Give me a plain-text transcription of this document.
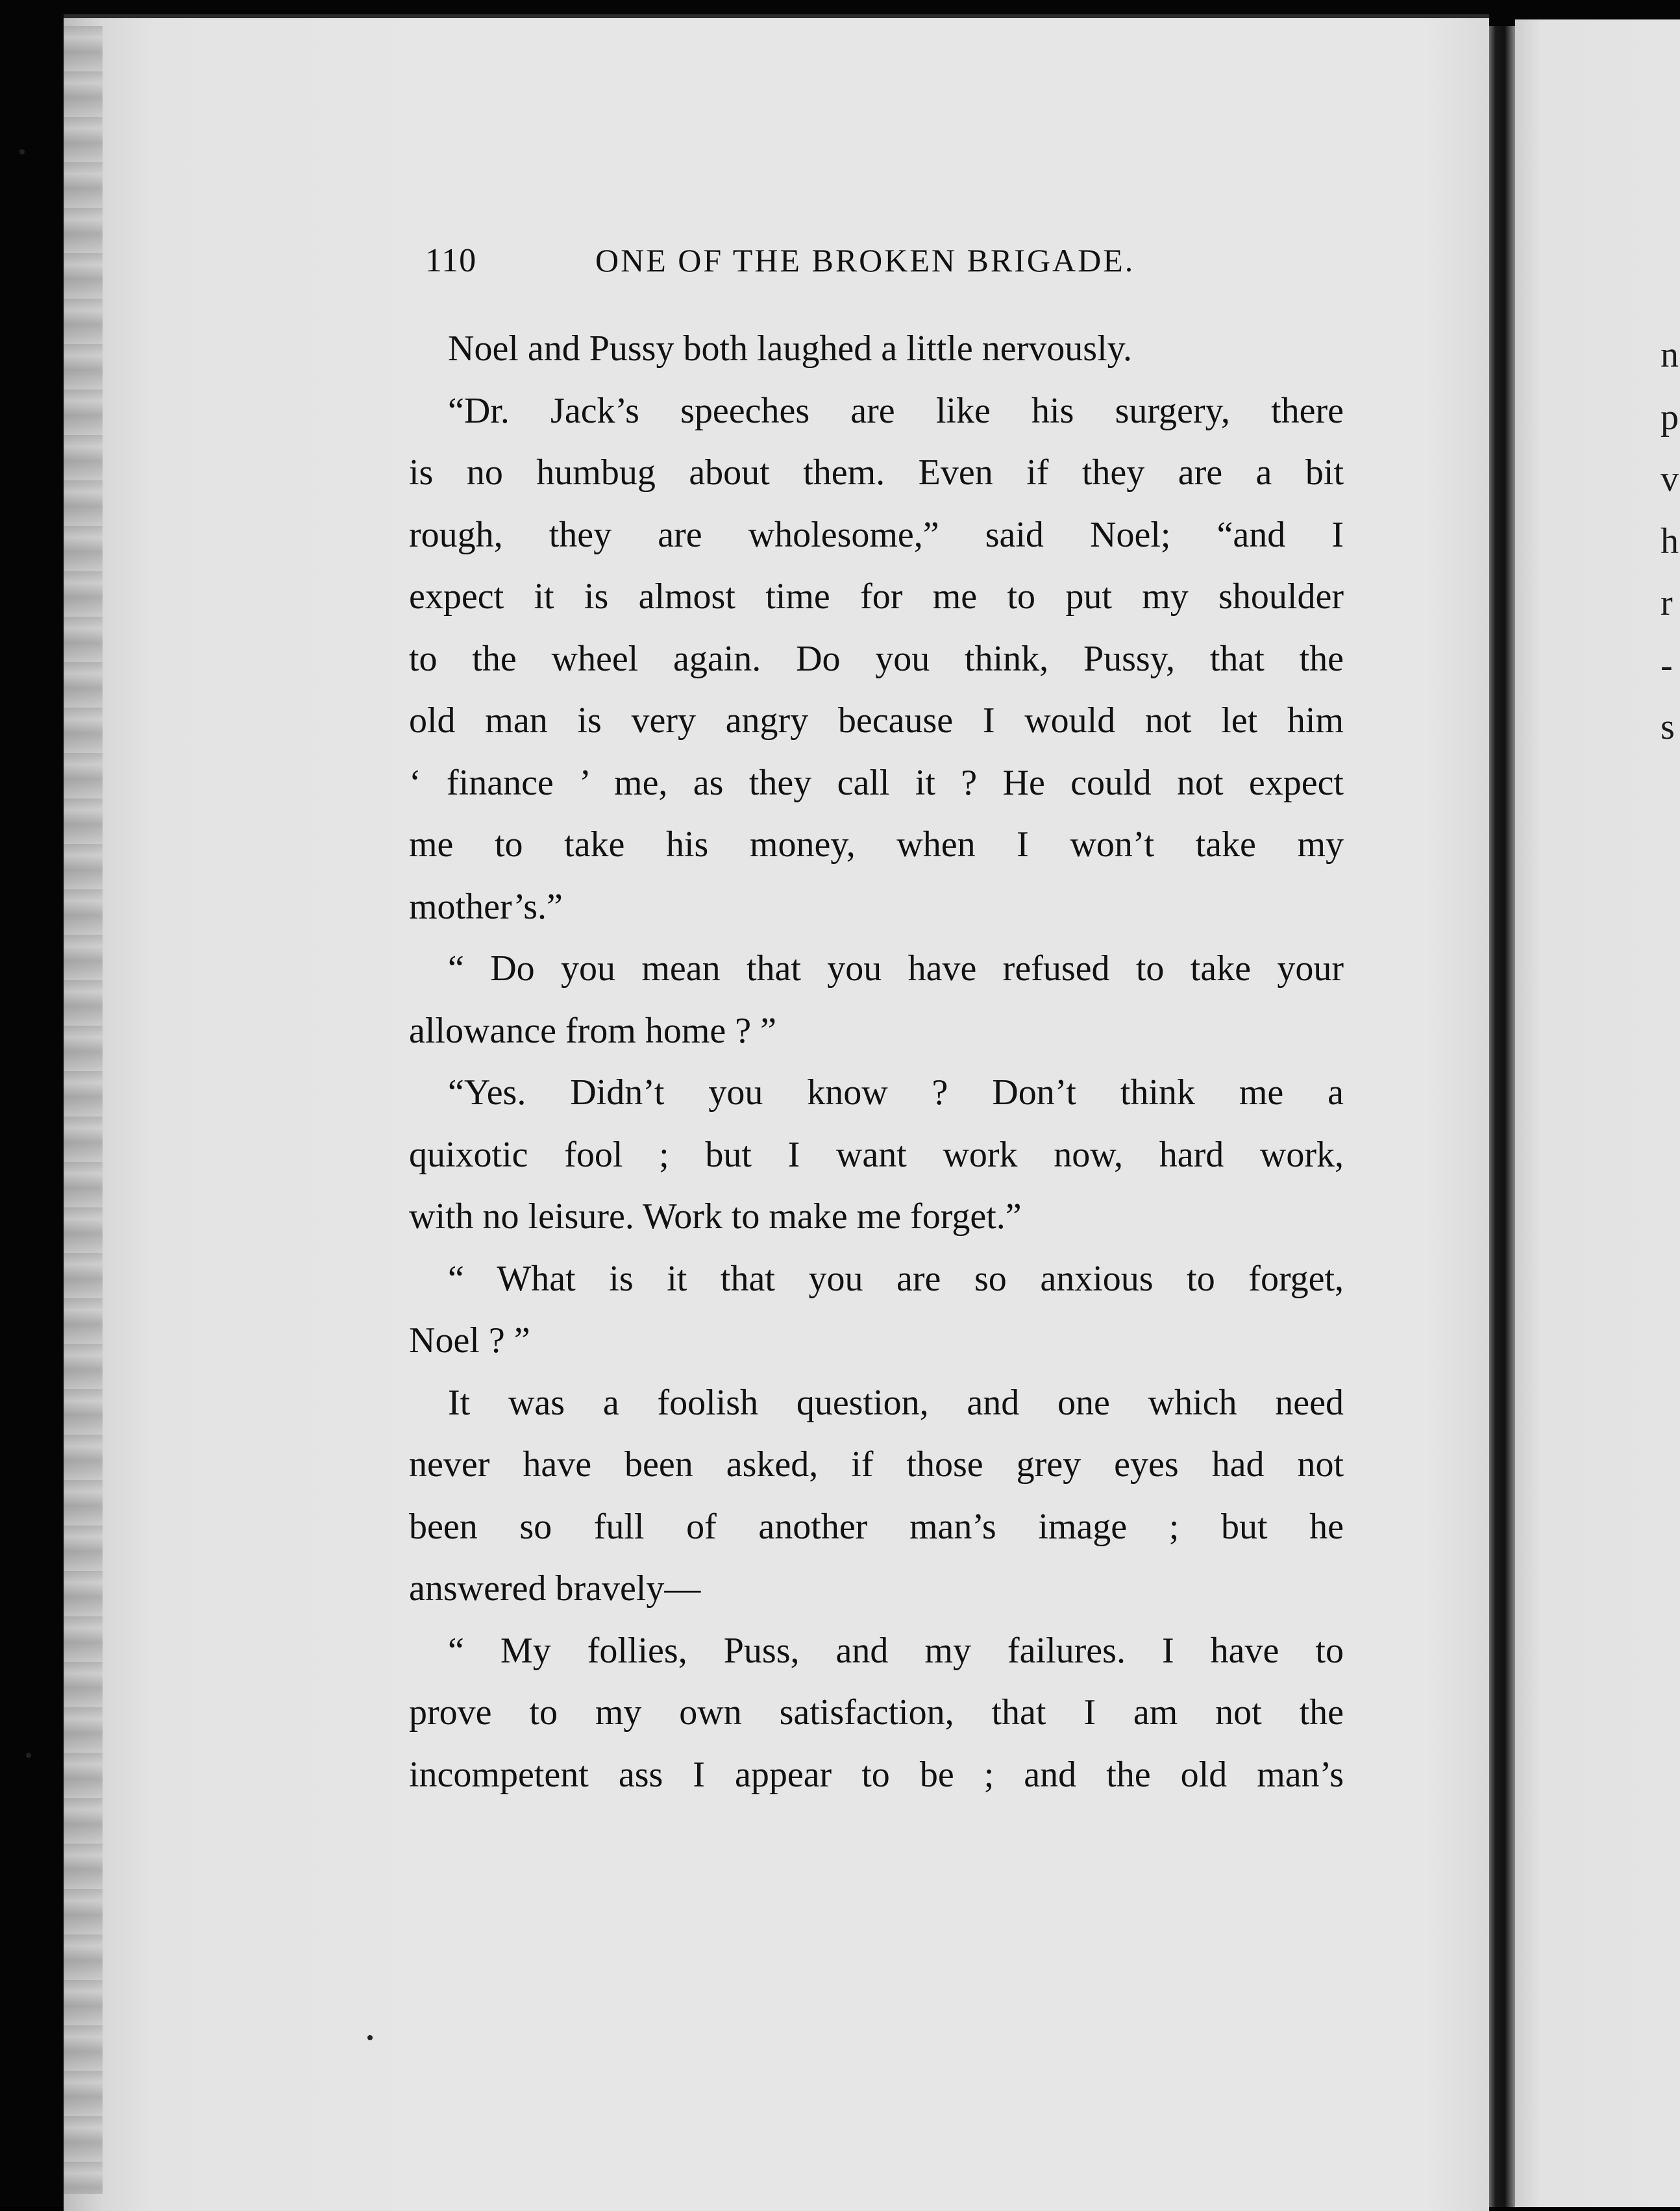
n
p
v
h
r
-
s
110	ONE OF THE BROKEN BRIGADE.
Noel and Pussy both laughed a little nervously.
“Dr. Jack’s speeches are like his surgery, there
is no humbug about them. Even if they are a bit
rough, they are wholesome,” said Noel; “and I
expect it is almost time for me to put my shoulder
to the wheel again. Do you think, Pussy, that the
old man is very angry because I would not let him
‘ finance ’ me, as they call it ? He could not expect
me to take his money, when I won’t take my
mother’s.”
“ Do you mean that you have refused to take your
allowance from home ? ”
“Yes. Didn’t you know ? Don’t think me a
quixotic fool ; but I want work now, hard work,
with no leisure. Work to make me forget.”
“ What is it that you are so anxious to forget,
Noel ? ”
It was a foolish question, and one which need
never have been asked, if those grey eyes had not
been so full of another man’s image ; but he
answered bravely—
“ My follies, Puss, and my failures. I have to
prove to my own satisfaction, that I am not the
incompetent ass I appear to be ; and the old man’s
